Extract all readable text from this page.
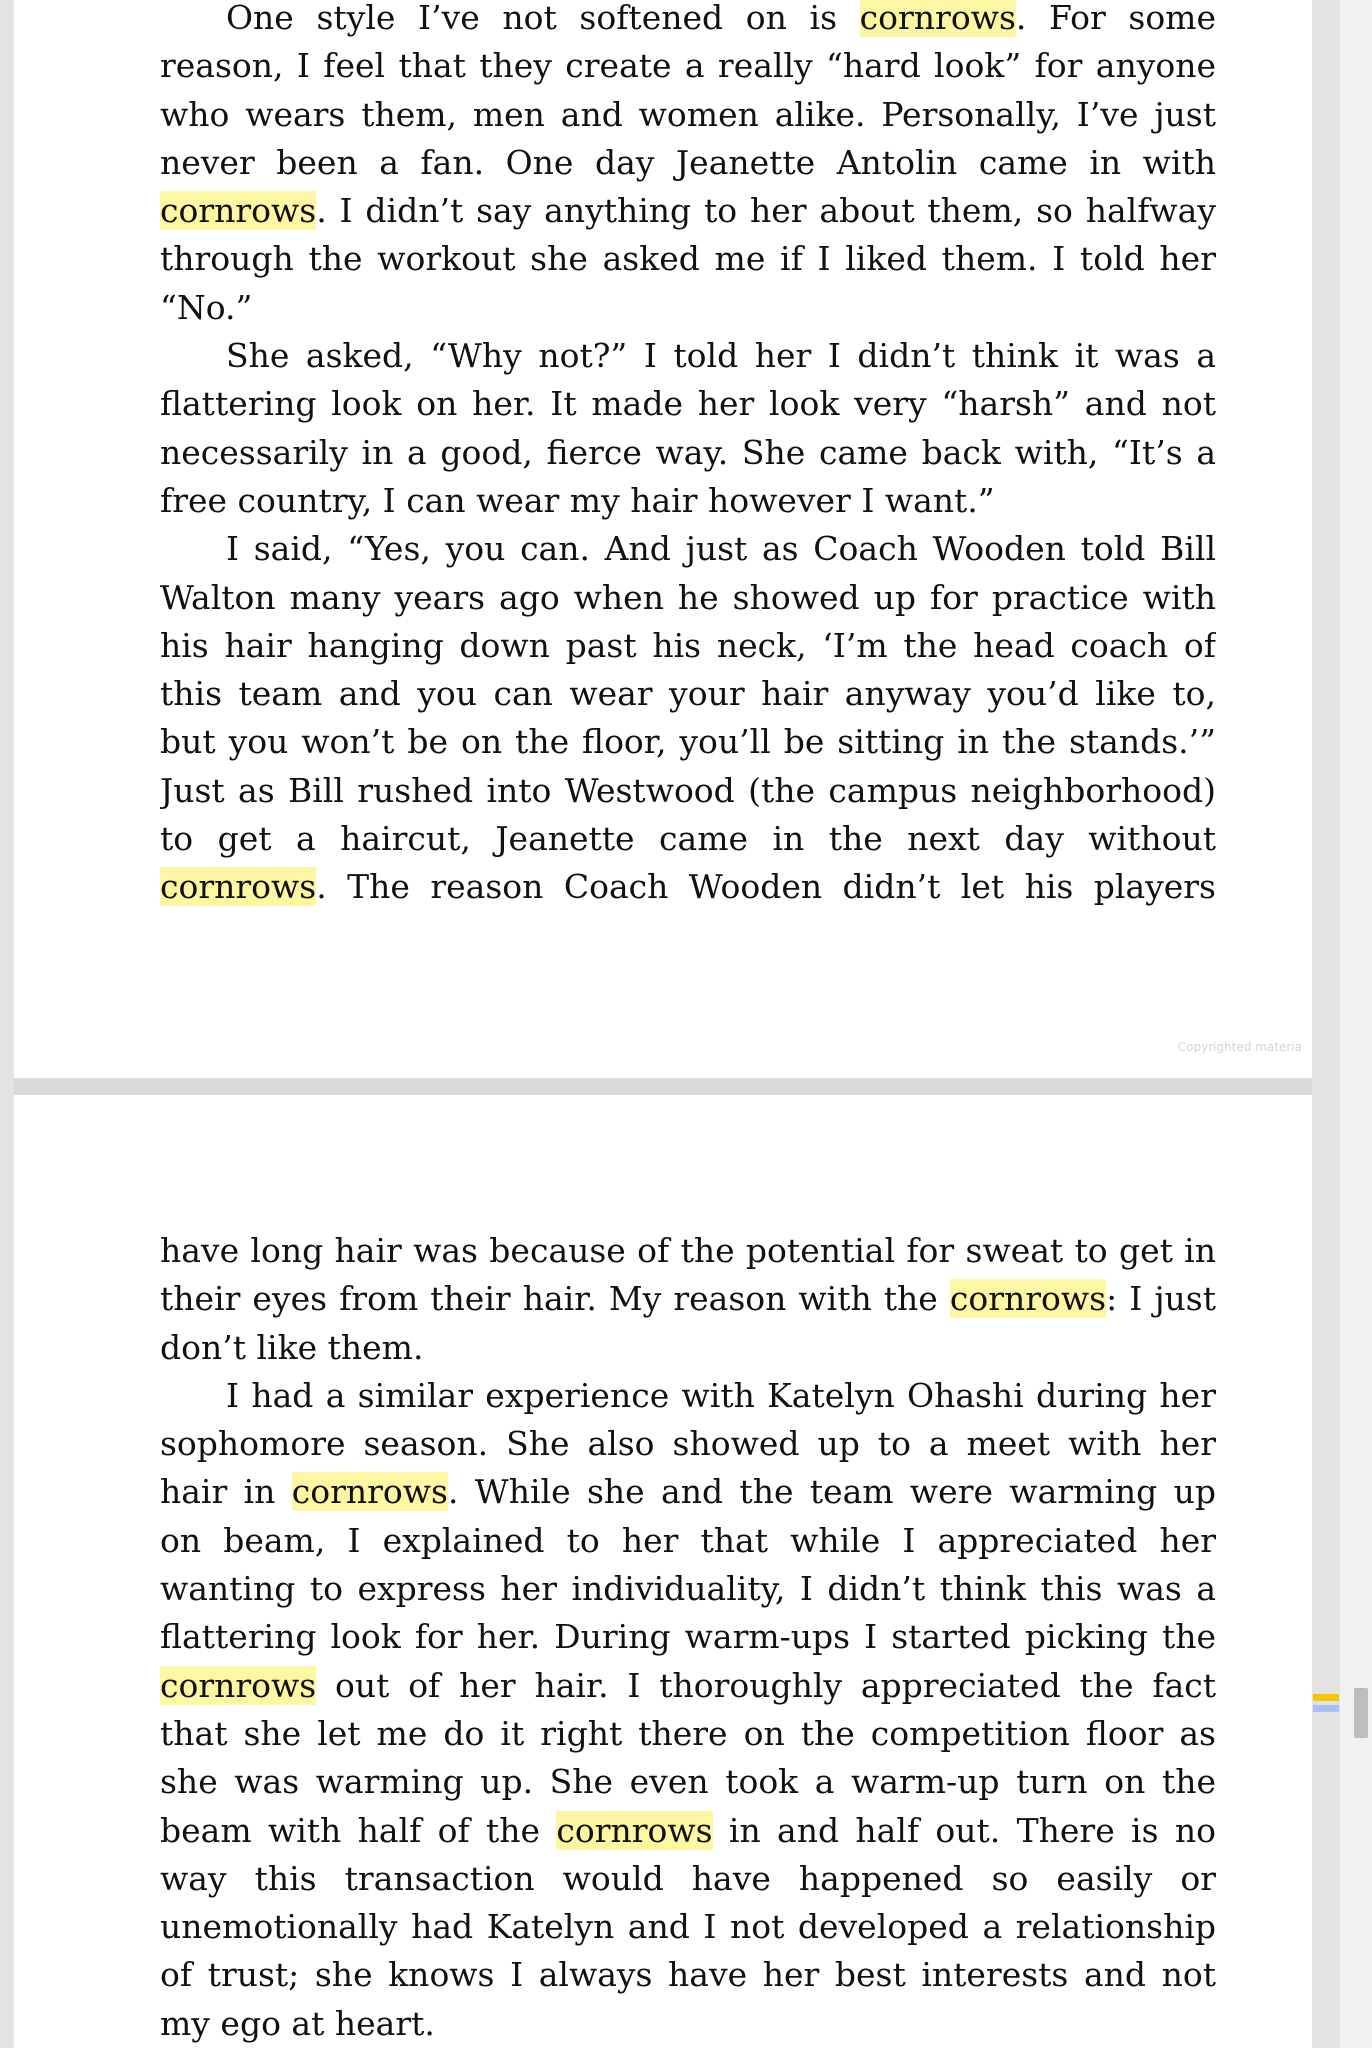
One style I’ve not softened on is cornrows. For some
reason, I feel that they create a really “hard look” for anyone
who wears them, men and women alike. Personally, I’ve just
never been a fan. One day Jeanette Antolin came in with
cornrows. I didn’t say anything to her about them, so halfway
through the workout she asked me if I liked them. I told her
“No.”
She asked, “Why not?” I told her I didn’t think it was a
flattering look on her. It made her look very “harsh” and not
necessarily in a good, fierce way. She came back with, “It’s a
free country, I can wear my hair however I want.”
I said, “Yes, you can. And just as Coach Wooden told Bill
Walton many years ago when he showed up for practice with
his hair hanging down past his neck, ‘I’m the head coach of
this team and you can wear your hair anyway you’d like to,
but you won’t be on the floor, you’ll be sitting in the stands.’”
Just as Bill rushed into Westwood (the campus neighborhood)
to get a haircut, Jeanette came in the next day without
cornrows. The reason Coach Wooden didn’t let his players
Copyrighted materia
have long hair was because of the potential for sweat to get in
their eyes from their hair. My reason with the cornrows: I just
don’t like them.
I had a similar experience with Katelyn Ohashi during her
sophomore season. She also showed up to a meet with her
hair in cornrows. While she and the team were warming up
on beam, I explained to her that while I appreciated her
wanting to express her individuality, I didn’t think this was a
flattering look for her. During warm-ups I started picking the
cornrows out of her hair. I thoroughly appreciated the fact
that she let me do it right there on the competition floor as
she was warming up. She even took a warm-up turn on the
beam with half of the cornrows in and half out. There is no
way this transaction would have happened so easily or
unemotionally had Katelyn and I not developed a relationship
of trust; she knows I always have her best interests and not
my ego at heart.
